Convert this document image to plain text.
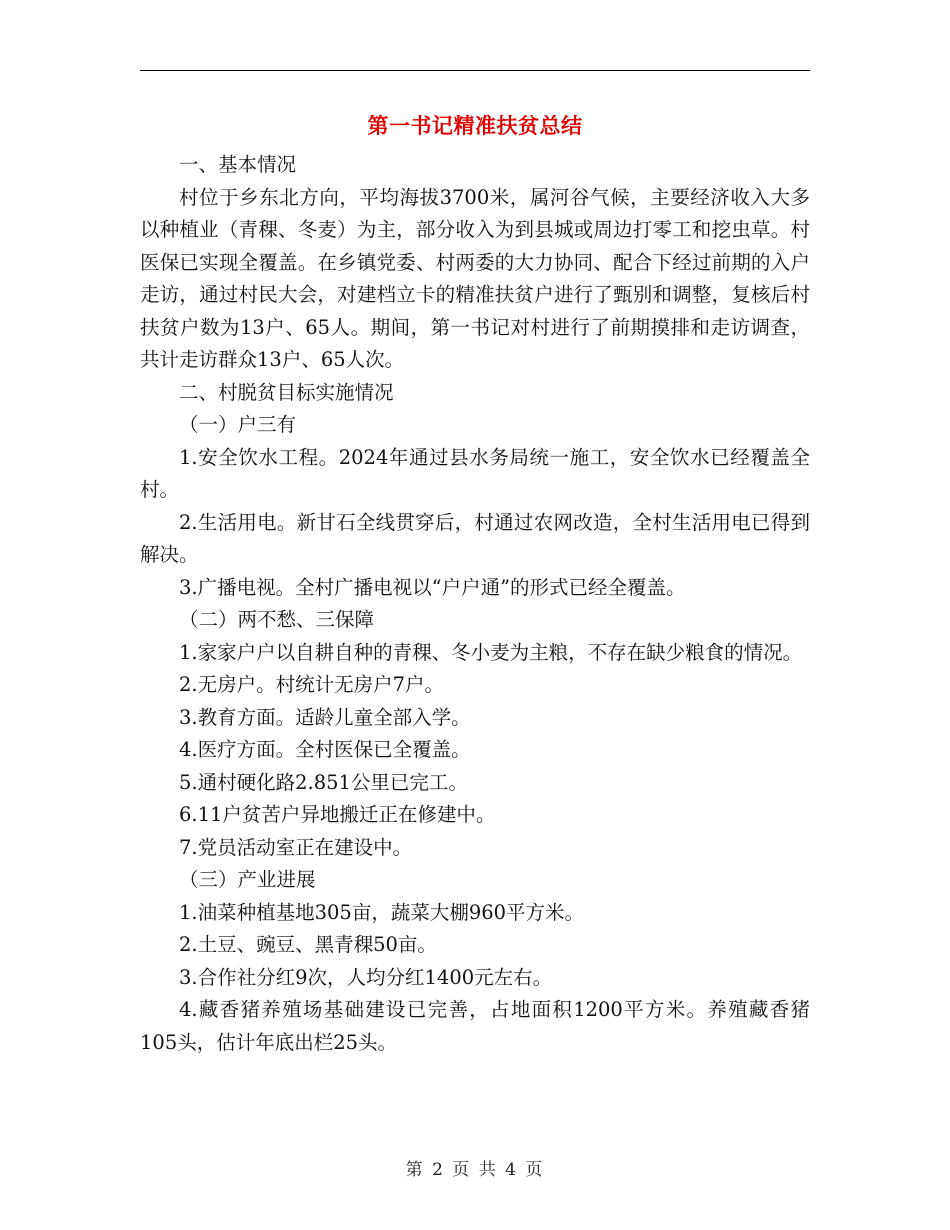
第一书记精准扶贫总结

一、基本情况

村位于乡东北方向，平均海拔3700米，属河谷气候，主要经济收入大多以种植业（青稞、冬麦）为主，部分收入为到县城或周边打零工和挖虫草。村医保已实现全覆盖。在乡镇党委、村两委的大力协同、配合下经过前期的入户走访，通过村民大会，对建档立卡的精准扶贫户进行了甄别和调整，复核后村扶贫户数为13户、65人。期间，第一书记对村进行了前期摸排和走访调查，共计走访群众13户、65人次。

二、村脱贫目标实施情况

（一）户三有

1.安全饮水工程。2024年通过县水务局统一施工，安全饮水已经覆盖全村。

2.生活用电。新甘石全线贯穿后，村通过农网改造，全村生活用电已得到解决。

3.广播电视。全村广播电视以“户户通”的形式已经全覆盖。

（二）两不愁、三保障

1.家家户户以自耕自种的青稞、冬小麦为主粮，不存在缺少粮食的情况。

2.无房户。村统计无房户7户。

3.教育方面。适龄儿童全部入学。

4.医疗方面。全村医保已全覆盖。

5.通村硬化路2.851公里已完工。

6.11户贫苦户异地搬迁正在修建中。

7.党员活动室正在建设中。

（三）产业进展

1.油菜种植基地305亩，蔬菜大棚960平方米。

2.土豆、豌豆、黑青稞50亩。

3.合作社分红9次，人均分红1400元左右。

4.藏香猪养殖场基础建设已完善，占地面积1200平方米。养殖藏香猪105头，估计年底出栏25头。

第 2 页 共 4 页
